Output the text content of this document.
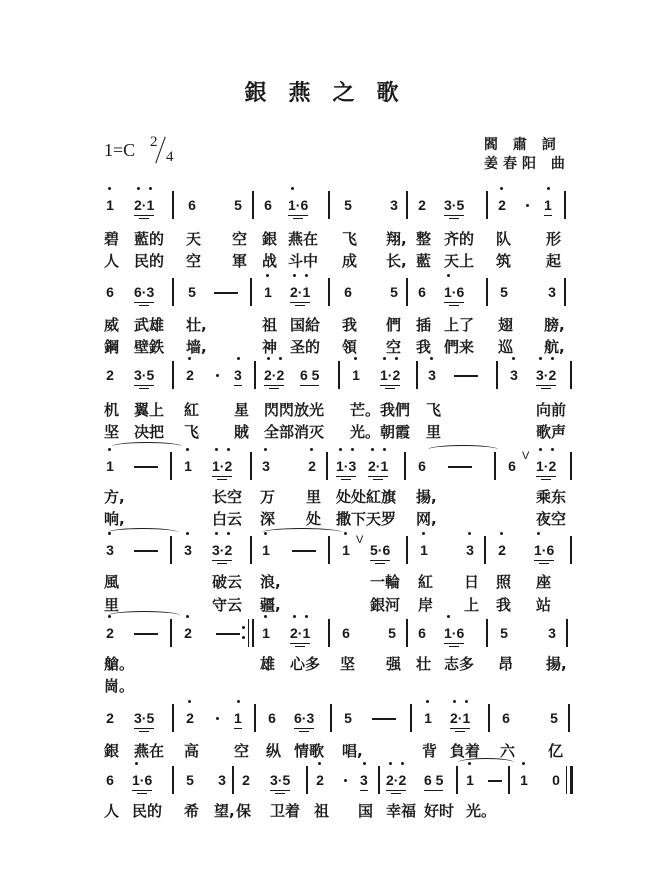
銀燕之歌
1=C 2
4
閻 肅 詞
姜春阳 曲
1 2
·1 6	5 6 1
·6	5	3 2 3·5 2	1
碧 藍的 天 空 銀 燕在 飞 翔, 整 齐的 队 形
人 民的 空 軍 战 斗中 成 长, 藍 天上 筑 起
6 6·3 5	1 2
·1 6	5 6 1
·6	5	3
威 武雄 壮,	祖 国給 我 們 插 上了 翅 膀,
鋼 壁鉄 墙,	神 圣的 領 空 我 們来 巡 航,
2 3·5 2	3 2
·2 6 5 1 1
·2 3	3 3
·2
机 翼上 紅 星 閃閃放光 芒。 我們 飞	向前
坚 决把 飞 賊 全部消灭 光。 朝霞 里	歌声
1	1 1
·2 3	2 1
·3 2
·1 6	6
V
1
·2
方,	长空 万 里 处处紅旗 揚,	乘东
响,	白云 深 处 撒下天罗 网,	夜空
3	3 3
·2 1	1
V
5·6 1	3 2 1
·6
風	破云 浪,	一輪 紅 日 照 座
里	守云 疆,	銀河 岸 上 我 站
2	2	1 2
·1 6	5 6 1
·6	5	3
艙。	雄 心多 坚 强 壮 志多 昂 揚,
崗。
2 3·5 2	1 6 6·3 5	1 2
·1 6	5
銀 燕在 高 空 纵 情歌 唱,	背 負着 六 亿
6 1
·6 5 3 2 3·5 2	3 2
·2 6 5 1	1 0
人 民的 希 望, 保 卫着 祖 国 幸福 好时 光。
